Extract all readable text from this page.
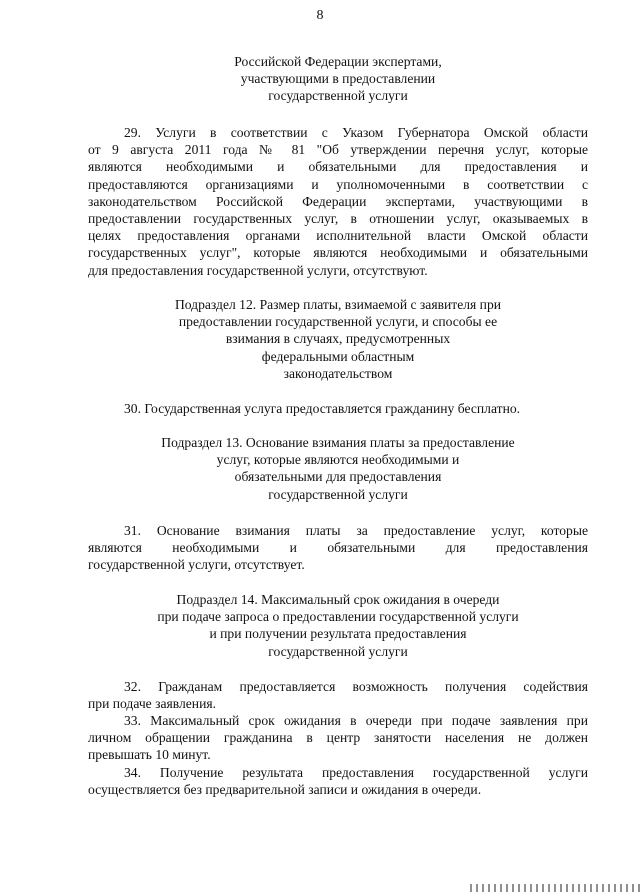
8
Российской Федерации экспертами,
участвующими в предоставлении
государственной услуги
29. Услуги в соответствии с Указом Губернатора Омской области
от 9 августа 2011 года № 81 "Об утверждении перечня услуг, которые
являются необходимыми и обязательными для предоставления и
предоставляются организациями и уполномоченными в соответствии с
законодательством Российской Федерации экспертами, участвующими в
предоставлении государственных услуг, в отношении услуг, оказываемых в
целях предоставления органами исполнительной власти Омской области
государственных услуг", которые являются необходимыми и обязательными
для предоставления государственной услуги, отсутствуют.
Подраздел 12. Размер платы, взимаемой с заявителя при
предоставлении государственной услуги, и способы ее
взимания в случаях, предусмотренных
федеральными областным
законодательством
30. Государственная услуга предоставляется гражданину бесплатно.
Подраздел 13. Основание взимания платы за предоставление
услуг, которые являются необходимыми и
обязательными для предоставления
государственной услуги
31. Основание взимания платы за предоставление услуг, которые
являются необходимыми и обязательными для предоставления
государственной услуги, отсутствует.
Подраздел 14. Максимальный срок ожидания в очереди
при подаче запроса о предоставлении государственной услуги
и при получении результата предоставления
государственной услуги
32. Гражданам предоставляется возможность получения содействия
при подаче заявления.
33. Максимальный срок ожидания в очереди при подаче заявления при
личном обращении гражданина в центр занятости населения не должен
превышать 10 минут.
34. Получение результата предоставления государственной услуги
осуществляется без предварительной записи и ожидания в очереди.
